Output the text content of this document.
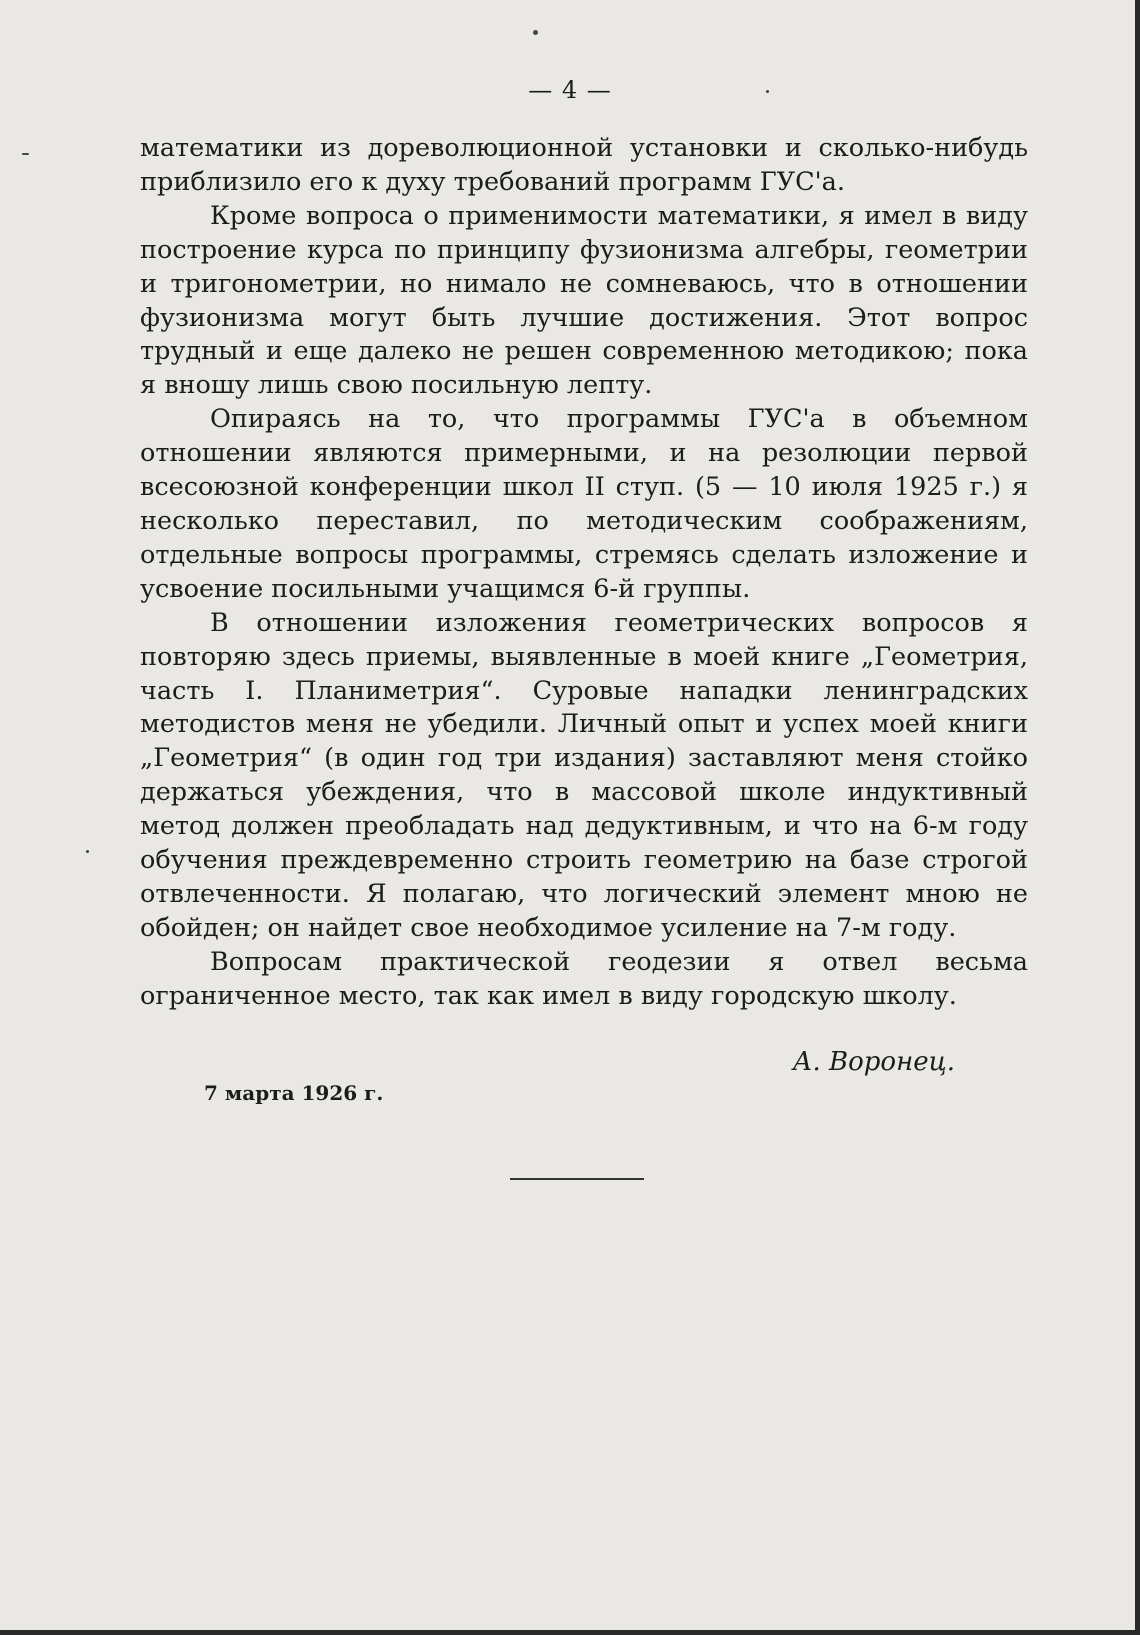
— 4 —

математики из дореволюционной установки и сколько-нибудь приблизило его к духу требований программ ГУС'а.

Кроме вопроса о применимости математики, я имел в виду построение курса по принципу фузионизма алгебры, геометрии и тригонометрии, но нимало не сомневаюсь, что в отношении фузионизма могут быть лучшие достижения. Этот вопрос трудный и еще далеко не решен современною методикою; пока я вношу лишь свою посильную лепту.

Опираясь на то, что программы ГУС'а в объемном отношении являются примерными, и на резолюции первой всесоюзной конференции школ II ступ. (5 — 10 июля 1925 г.) я несколько переставил, по методическим соображениям, отдельные вопросы программы, стремясь сделать изложение и усвоение посильными учащимся 6-й группы.

В отношении изложения геометрических вопросов я повторяю здесь приемы, выявленные в моей книге „Геометрия, часть I. Планиметрия“. Суровые нападки ленинградских методистов меня не убедили. Личный опыт и успех моей книги „Геометрия“ (в один год три издания) заставляют меня стойко держаться убеждения, что в массовой школе индуктивный метод должен преобладать над дедуктивным, и что на 6-м году обучения преждевременно строить геометрию на базе строгой отвлеченности. Я полагаю, что логический элемент мною не обойден; он найдет свое необходимое усиление на 7-м году.

Вопросам практической геодезии я отвел весьма ограниченное место, так как имел в виду городскую школу.

А. Воронец.
7 марта 1926 г.
